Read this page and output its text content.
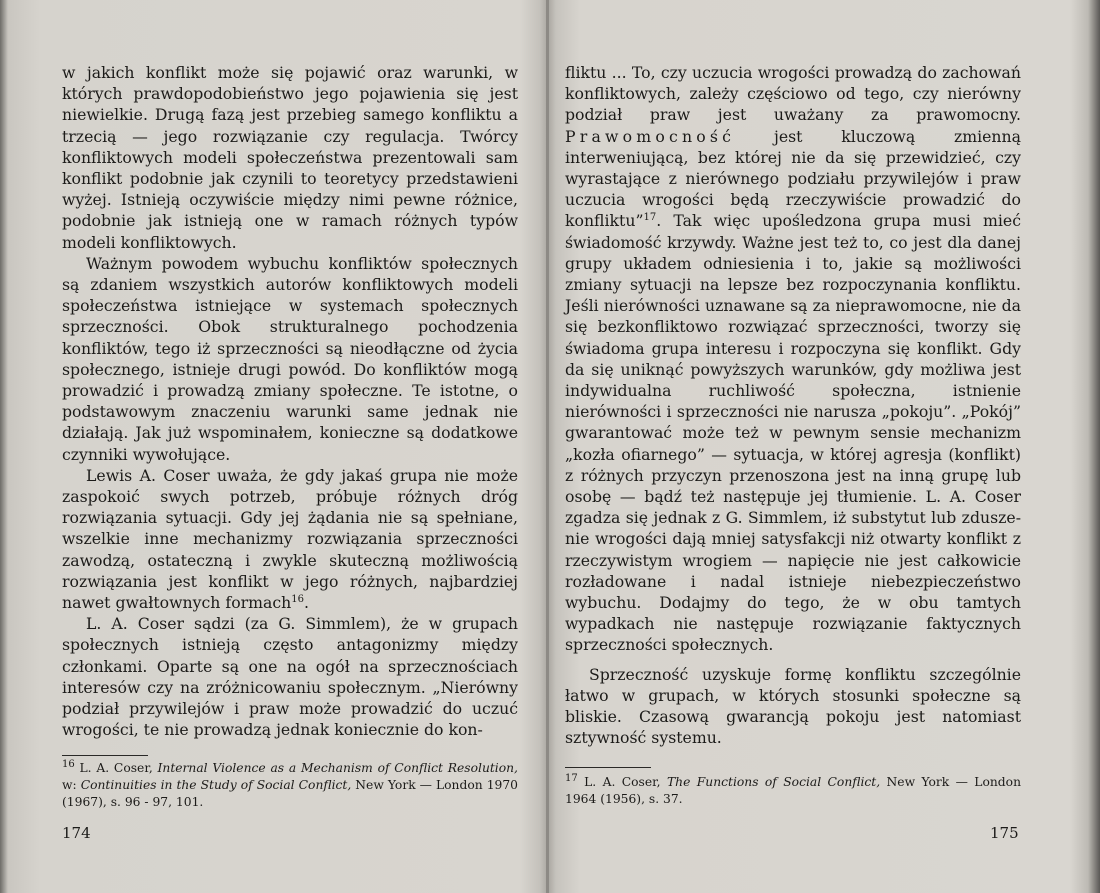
w jakich konflikt może się pojawić oraz warunki, w których prawdopodobieństwo jego pojawienia się jest niewielkie. Drugą fazą jest przebieg samego konfliktu a trzecią — jego rozwiązanie czy regulacja. Twórcy konfliktowych modeli społeczeństwa prezentowali sam konflikt podobnie jak czynili to teoretycy przedstawieni wyżej. Istnieją oczywiście między nimi pewne różnice, podobnie jak istnieją one w ramach różnych typów modeli konfliktowych.

Ważnym powodem wybuchu konfliktów społecznych są zdaniem wszystkich autorów konfliktowych modeli społeczeństwa istniejące w systemach społecznych sprzeczności. Obok strukturalnego pochodzenia konfliktów, tego iż sprzeczności są nieodłączne od życia społecznego, istnieje drugi powód. Do konfliktów mogą prowadzić i prowadzą zmiany społeczne. Te istotne, o podstawowym znaczeniu warunki same jednak nie działają. Jak już wspominałem, konieczne są dodatkowe czynniki wywołujące.

Lewis A. Coser uważa, że gdy jakaś grupa nie może zaspokoić swych potrzeb, próbuje różnych dróg rozwiązania sytuacji. Gdy jej żądania nie są spełniane, wszelkie inne mechanizmy rozwiązania sprzeczności zawodzą, ostateczną i zwykle skuteczną możliwością rozwiązania jest konflikt w jego różnych, najbardziej nawet gwałtownych formach$^{16}$.

L. A. Coser sądzi (za G. Simmlem), że w grupach społecznych istnieją często antagonizmy między członkami. Oparte są one na ogół na sprzecznościach interesów czy na zróżnicowaniu społecznym. „Nierówny podział przywilejów i praw może prowadzić do uczuć wrogości, te nie prowadzą jednak koniecznie do kon-

$^{16}$ L. A. Coser, Internal Violence as a Mechanism of Conflict Resolution, w: Continuities in the Study of Social Conflict, New York — London 1970 (1967), s. 96 - 97, 101.
174

fliktu ... To, czy uczucia wrogości prowadzą do zachowań konfliktowych, zależy częściowo od tego, czy nierówny podział praw jest uważany za prawomocny. Prawomocność jest kluczową zmienną interweniującą, bez której nie da się przewidzieć, czy wyrastające z nierównego podziału przywilejów i praw uczucia wrogości będą rzeczywiście prowadzić do konfliktu”$^{17}$. Tak więc upośledzona grupa musi mieć świadomość krzywdy. Ważne jest też to, co jest dla danej grupy układem odniesienia i to, jakie są możliwości zmiany sytuacji na lepsze bez rozpoczynania konfliktu. Jeśli nierówności uznawane są za nieprawomocne, nie da się bezkonfliktowo rozwiązać sprzeczności, tworzy się świadoma grupa interesu i rozpoczyna się konflikt. Gdy da się uniknąć powyższych warunków, gdy możliwa jest indywidualna ruchliwość społeczna, istnienie nierówności i sprzeczności nie narusza „pokoju”. „Pokój” gwarantować może też w pewnym sensie mechanizm „kozła ofiarnego” — sytuacja, w której agresja (konflikt) z różnych przyczyn przenoszona jest na inną grupę lub osobę — bądź też następuje jej tłumienie. L. A. Coser zgadza się jednak z G. Simmlem, iż substytut lub zduszenie wrogości dają mniej satysfakcji niż otwarty konflikt z rzeczywistym wrogiem — napięcie nie jest całkowicie rozładowane i nadal istnieje niebezpieczeństwo wybuchu. Dodajmy do tego, że w obu tamtych wypadkach nie następuje rozwiązanie faktycznych sprzeczności społecznych.

Sprzeczność uzyskuje formę konfliktu szczególnie łatwo w grupach, w których stosunki społeczne są bliskie. Czasową gwarancją pokoju jest natomiast sztywność systemu.

$^{17}$ L. A. Coser, The Functions of Social Conflict, New York — London 1964 (1956), s. 37.
175
